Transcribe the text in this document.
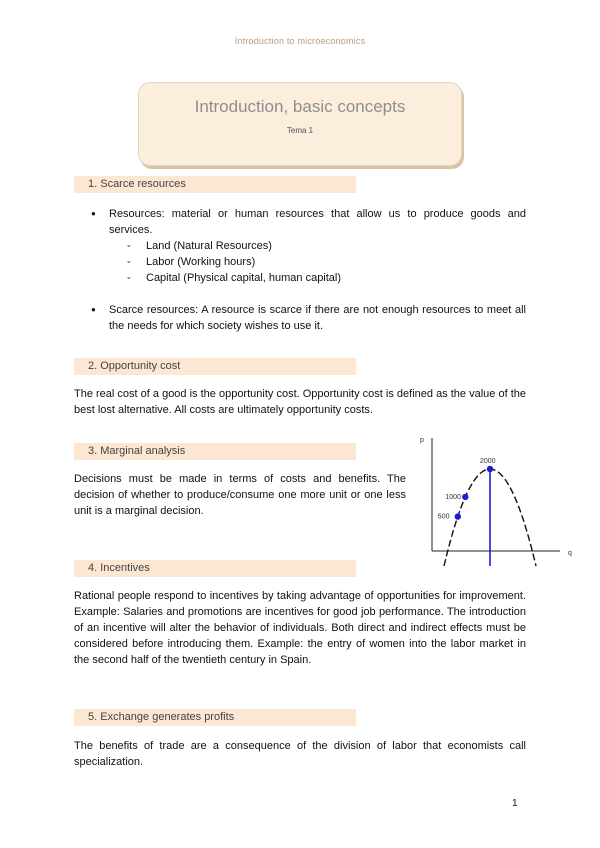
Introduction to microeconomics
Introduction, basic concepts
Tema 1
1. Scarce resources
● Resources: material or human resources that allow us to produce goods and services.
- Land (Natural Resources)
- Labor (Working hours)
- Capital (Physical capital, human capital)
● Scarce resources: A resource is scarce if there are not enough resources to meet all the needs for which society wishes to use it.
2. Opportunity cost

The real cost of a good is the opportunity cost. Opportunity cost is defined as the value of the best lost alternative. All costs are ultimately opportunity costs.

3. Marginal analysis

Decisions must be made in terms of costs and benefits. The decision of whether to produce/consume one more unit or one less unit is a marginal decision.

p
q
500
1000
2000
4. Incentives

Rational people respond to incentives by taking advantage of opportunities for improvement. Example: Salaries and promotions are incentives for good job performance. The introduction of an incentive will alter the behavior of individuals. Both direct and indirect effects must be considered before introducing them. Example: the entry of women into the labor market in the second half of the twentieth century in Spain.

5. Exchange generates profits

The benefits of trade are a consequence of the division of labor that economists call specialization.

1
